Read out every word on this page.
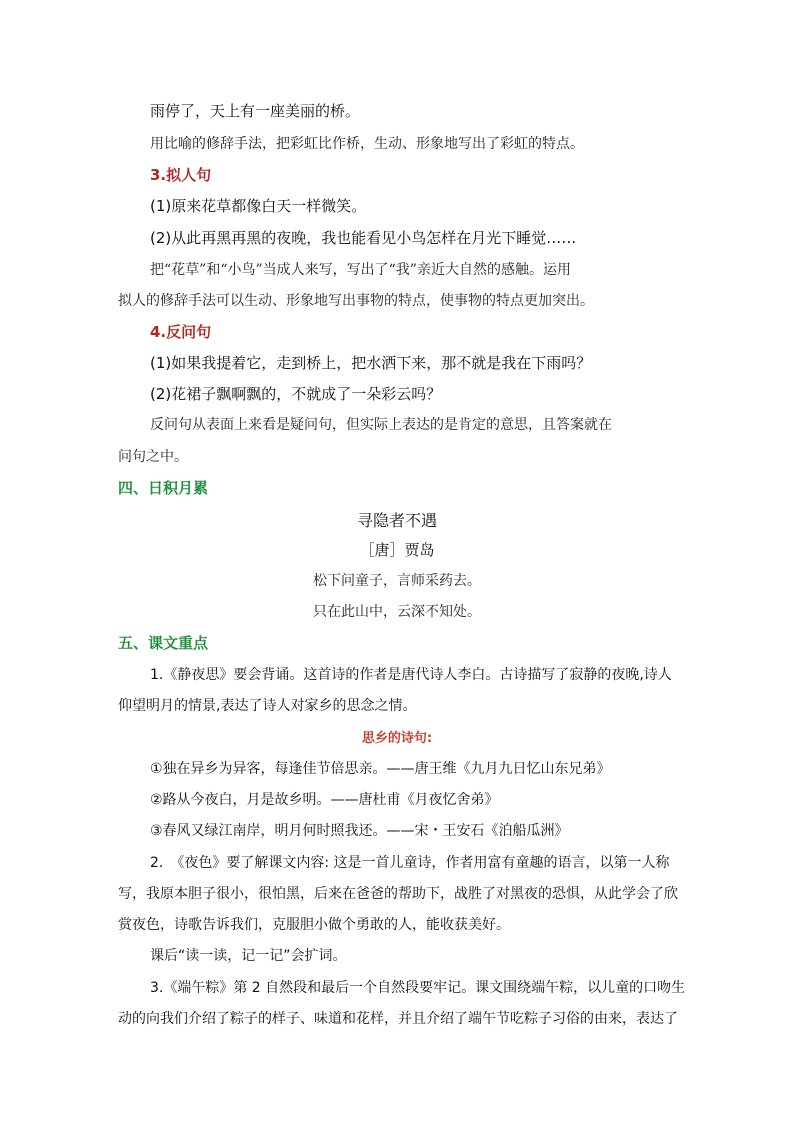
雨停了，天上有一座美丽的桥。
用比喻的修辞手法，把彩虹比作桥，生动、形象地写出了彩虹的特点。
3.拟人句
(1)原来花草都像白天一样微笑。
(2)从此再黑再黑的夜晚，我也能看见小鸟怎样在月光下睡觉……
把“花草”和“小鸟”当成人来写，写出了“我”亲近大自然的感触。运用
拟人的修辞手法可以生动、形象地写出事物的特点，使事物的特点更加突出。
4.反问句
(1)如果我提着它，走到桥上，把水洒下来，那不就是我在下雨吗？
(2)花裙子飘啊飘的，不就成了一朵彩云吗？
反问句从表面上来看是疑问句，但实际上表达的是肯定的意思，且答案就在
问句之中。
四、日积月累
寻隐者不遇
［唐］贾岛
松下问童子，言师采药去。
只在此山中，云深不知处。
五、课文重点
1.《静夜思》要会背诵。这首诗的作者是唐代诗人李白。古诗描写了寂静的夜晚,诗人
仰望明月的情景,表达了诗人对家乡的思念之情。
思乡的诗句:
①独在异乡为异客，每逢佳节倍思亲。——唐王维《九月九日忆山东兄弟》
②路从今夜白，月是故乡明。——唐杜甫《月夜忆舍弟》
③春风又绿江南岸，明月何时照我还。——宋・王安石《泊船瓜洲》
2.　《夜色》要了解课文内容: 这是一首儿童诗，作者用富有童趣的语言，以第一人称
写，我原本胆子很小，很怕黑，后来在爸爸的帮助下，战胜了对黑夜的恐惧，从此学会了欣
赏夜色，诗歌告诉我们，克服胆小做个勇敢的人，能收获美好。
课后“读一读，记一记”会扩词。
3.《端午粽》第 2 自然段和最后一个自然段要牢记。课文围绕端午粽，以儿童的口吻生
动的向我们介绍了粽子的样子、味道和花样，并且介绍了端午节吃粽子习俗的由来，表达了
